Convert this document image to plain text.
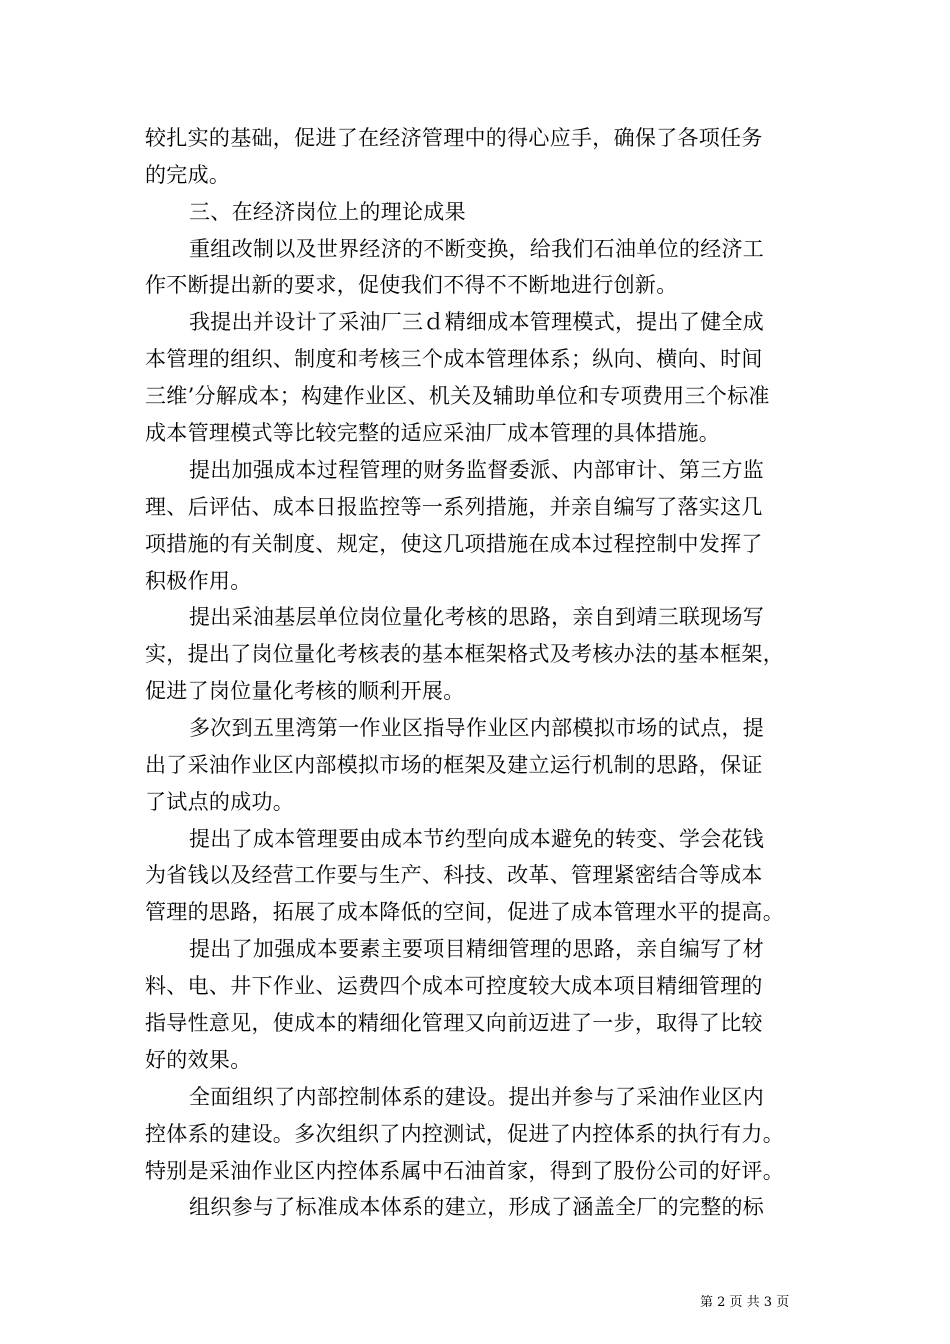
较扎实的基础，促进了在经济管理中的得心应手，确保了各项任务
的完成。
三、在经济岗位上的理论成果
重组改制以及世界经济的不断变换，给我们石油单位的经济工
作不断提出新的要求，促使我们不得不不断地进行创新。
我提出并设计了采油厂三ｄ精细成本管理模式，提出了健全成
本管理的组织、制度和考核三个成本管理体系；纵向、横向、时间
三维’分解成本；构建作业区、机关及辅助单位和专项费用三个标准
成本管理模式等比较完整的适应采油厂成本管理的具体措施。
提出加强成本过程管理的财务监督委派、内部审计、第三方监
理、后评估、成本日报监控等一系列措施，并亲自编写了落实这几
项措施的有关制度、规定，使这几项措施在成本过程控制中发挥了
积极作用。
提出采油基层单位岗位量化考核的思路，亲自到靖三联现场写
实，提出了岗位量化考核表的基本框架格式及考核办法的基本框架，
促进了岗位量化考核的顺利开展。
多次到五里湾第一作业区指导作业区内部模拟市场的试点，提
出了采油作业区内部模拟市场的框架及建立运行机制的思路，保证
了试点的成功。
提出了成本管理要由成本节约型向成本避免的转变、学会花钱
为省钱以及经营工作要与生产、科技、改革、管理紧密结合等成本
管理的思路，拓展了成本降低的空间，促进了成本管理水平的提高。
提出了加强成本要素主要项目精细管理的思路，亲自编写了材
料、电、井下作业、运费四个成本可控度较大成本项目精细管理的
指导性意见，使成本的精细化管理又向前迈进了一步，取得了比较
好的效果。
全面组织了内部控制体系的建设。提出并参与了采油作业区内
控体系的建设。多次组织了内控测试，促进了内控体系的执行有力。
特别是采油作业区内控体系属中石油首家，得到了股份公司的好评。
组织参与了标准成本体系的建立，形成了涵盖全厂的完整的标
第 2 页 共 3 页
